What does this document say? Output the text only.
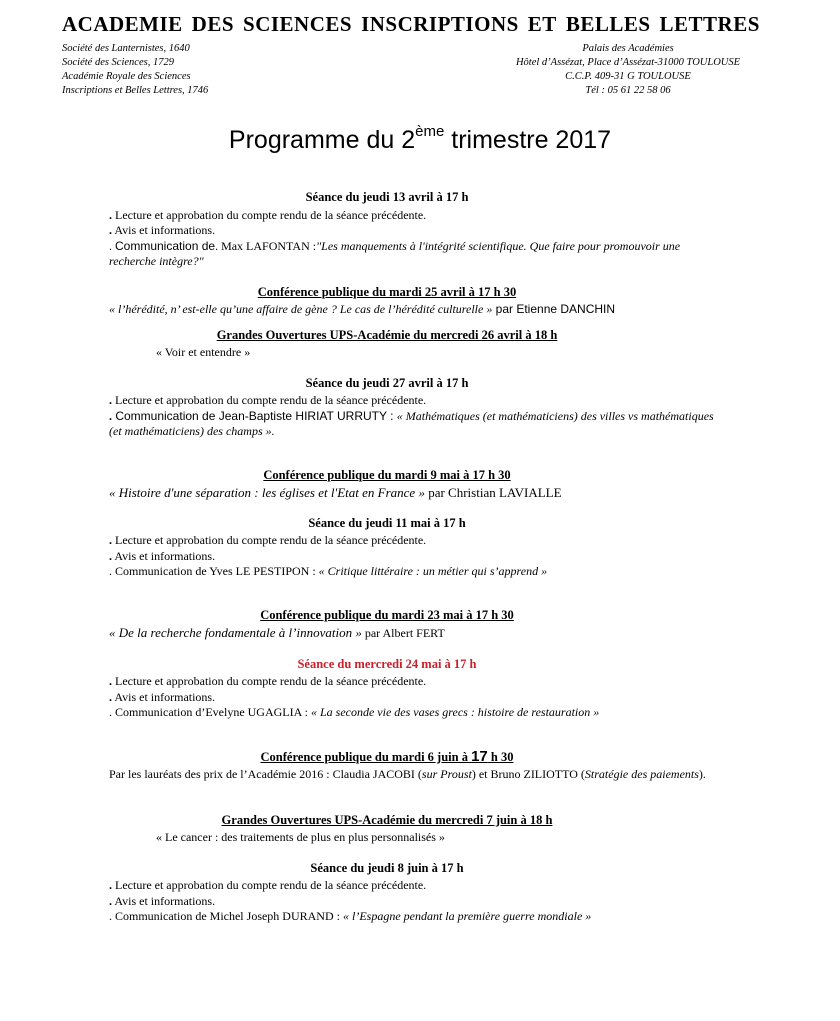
ACADEMIE DES SCIENCES INSCRIPTIONS ET BELLES LETTRES
Société des Lanternistes, 1640
Société des Sciences, 1729
Académie Royale des Sciences
Inscriptions et Belles Lettres, 1746
Palais des Académies
Hôtel d’Assézat, Place d’Assézat-31000 TOULOUSE
C.C.P. 409-31 G TOULOUSE
Tél : 05 61 22 58 06
Programme du 2ème trimestre 2017
Séance du jeudi 13 avril à 17 h
. Lecture et approbation du compte rendu de la séance précédente.
. Avis et informations.
. Communication de. Max LAFONTAN :"Les manquements à l'intégrité scientifique. Que faire pour promouvoir une recherche intègre?"
Conférence publique du mardi 25 avril à 17 h 30
« l’hérédité, n’ est-elle qu’une affaire de gène ? Le cas de l’hérédité culturelle » par Etienne DANCHIN
Grandes Ouvertures UPS-Académie du mercredi 26 avril à 18 h
« Voir et entendre »
Séance du jeudi 27 avril à 17 h
. Lecture et approbation du compte rendu de la séance précédente.
. Communication de Jean-Baptiste HIRIAT URRUTY : « Mathématiques (et mathématiciens) des villes vs mathématiques (et mathématiciens) des champs ».
Conférence publique du mardi 9 mai à 17 h 30
« Histoire d'une séparation : les églises et l'Etat en France » par Christian LAVIALLE
Séance du jeudi 11 mai à 17 h
. Lecture et approbation du compte rendu de la séance précédente.
. Avis et informations.
. Communication de Yves LE PESTIPON : « Critique littéraire : un métier qui s’apprend »
Conférence publique du mardi 23 mai à 17 h 30
« De la recherche fondamentale à l’innovation » par Albert FERT
Séance du mercredi 24 mai à 17 h
. Lecture et approbation du compte rendu de la séance précédente.
. Avis et informations.
. Communication d’Evelyne UGAGLIA : « La seconde vie des vases grecs : histoire de restauration »
Conférence publique du mardi 6 juin à 17 h 30
Par les lauréats des prix de l’Académie 2016 : Claudia JACOBI (sur Proust) et Bruno ZILIOTTO (Stratégie des paiements).
Grandes Ouvertures UPS-Académie du mercredi 7 juin à 18 h
« Le cancer : des traitements de plus en plus personnalisés »
Séance du jeudi 8 juin à 17 h
. Lecture et approbation du compte rendu de la séance précédente.
. Avis et informations.
. Communication de Michel Joseph DURAND : « l’Espagne pendant la première guerre mondiale »
